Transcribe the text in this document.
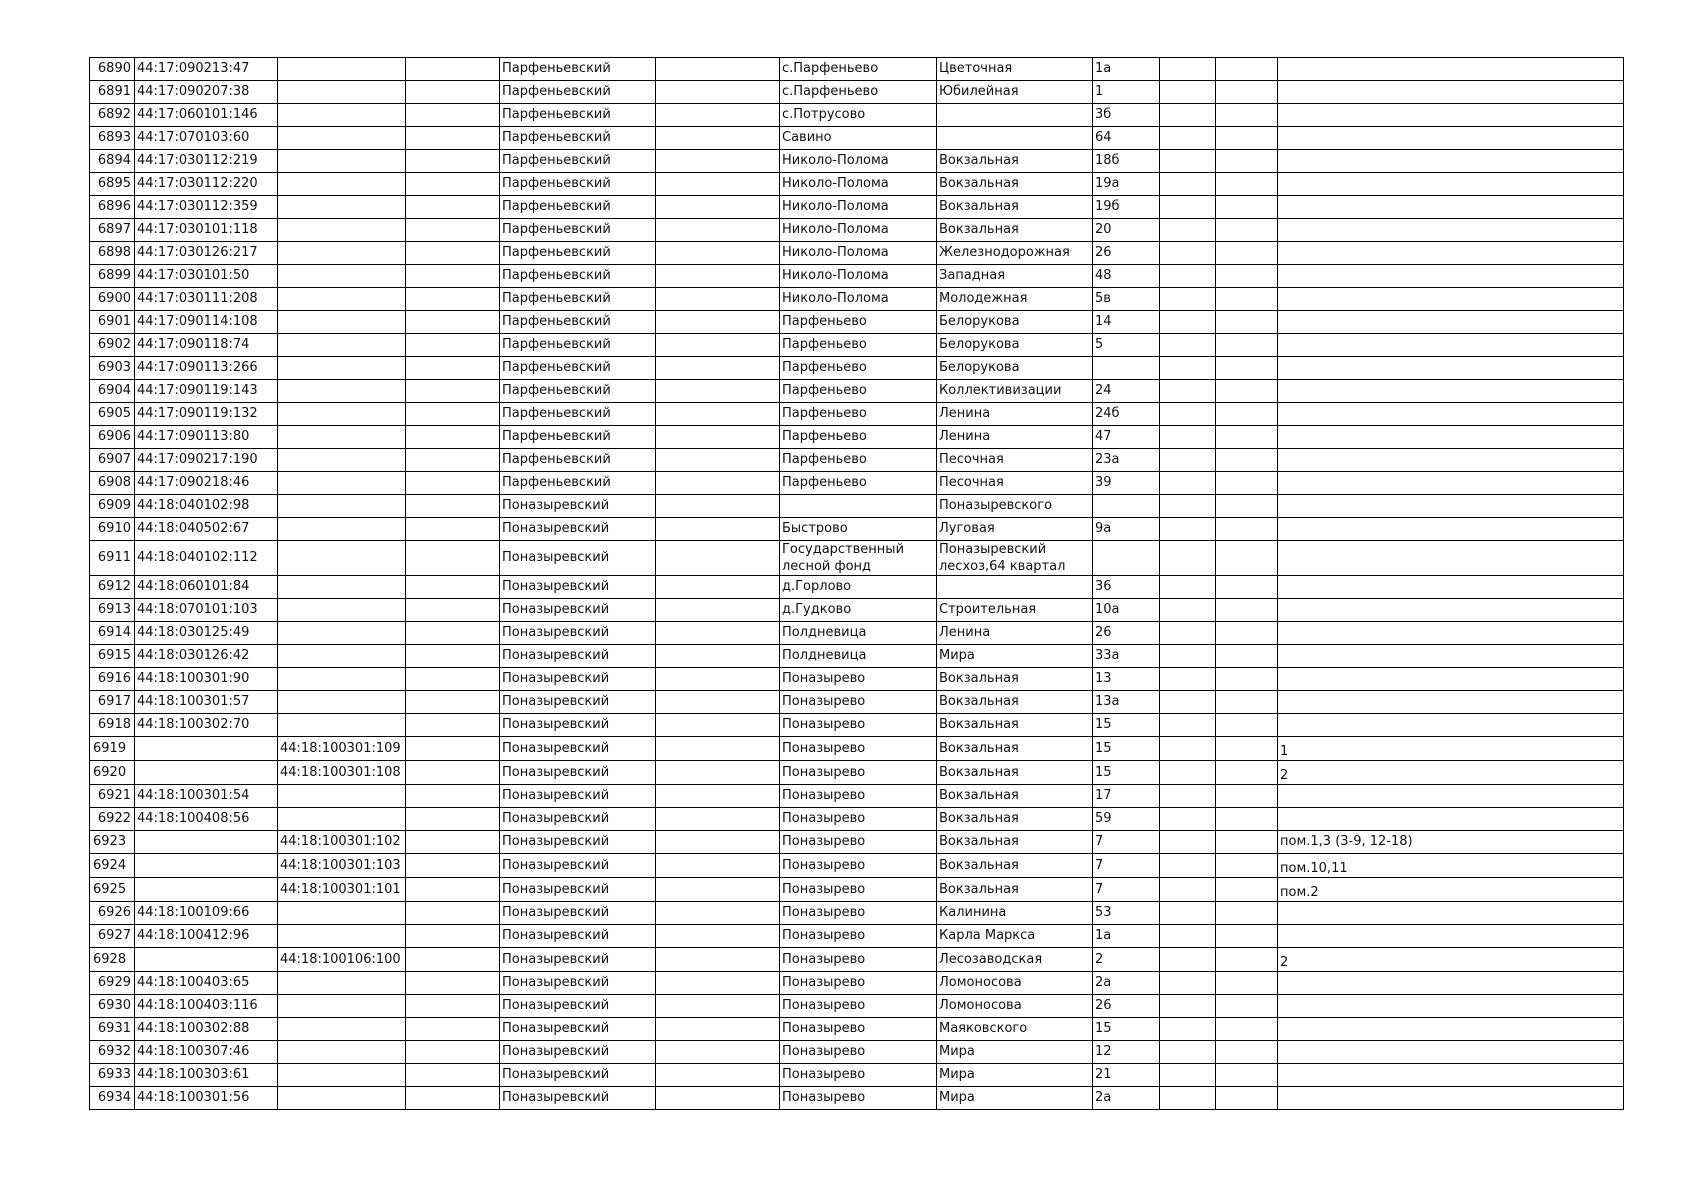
6890	44:17:090213:47			Парфеньевский		с.Парфеньево	Цветочная	1а			
6891	44:17:090207:38			Парфеньевский		с.Парфеньево	Юбилейная	1			
6892	44:17:060101:146			Парфеньевский		с.Потрусово		3б			
6893	44:17:070103:60			Парфеньевский		Савино		64			
6894	44:17:030112:219			Парфеньевский		Николо-Полома	Вокзальная	18б			
6895	44:17:030112:220			Парфеньевский		Николо-Полома	Вокзальная	19а			
6896	44:17:030112:359			Парфеньевский		Николо-Полома	Вокзальная	19б			
6897	44:17:030101:118			Парфеньевский		Николо-Полома	Вокзальная	20			
6898	44:17:030126:217			Парфеньевский		Николо-Полома	Железнодорожная	26			
6899	44:17:030101:50			Парфеньевский		Николо-Полома	Западная	48			
6900	44:17:030111:208			Парфеньевский		Николо-Полома	Молодежная	5в			
6901	44:17:090114:108			Парфеньевский		Парфеньево	Белорукова	14			
6902	44:17:090118:74			Парфеньевский		Парфеньево	Белорукова	5			
6903	44:17:090113:266			Парфеньевский		Парфеньево	Белорукова				
6904	44:17:090119:143			Парфеньевский		Парфеньево	Коллективизации	24			
6905	44:17:090119:132			Парфеньевский		Парфеньево	Ленина	24б			
6906	44:17:090113:80			Парфеньевский		Парфеньево	Ленина	47			
6907	44:17:090217:190			Парфеньевский		Парфеньево	Песочная	23а			
6908	44:17:090218:46			Парфеньевский		Парфеньево	Песочная	39			
6909	44:18:040102:98			Поназыревский			Поназыревского				
6910	44:18:040502:67			Поназыревский		Быстрово	Луговая	9а			
6911	44:18:040102:112			Поназыревский		Государственный лесной фонд	Поназыревский лесхоз,64 квартал				
6912	44:18:060101:84			Поназыревский		д.Горлово		36			
6913	44:18:070101:103			Поназыревский		д.Гудково	Строительная	10а			
6914	44:18:030125:49			Поназыревский		Полдневица	Ленина	26			
6915	44:18:030126:42			Поназыревский		Полдневица	Мира	33а			
6916	44:18:100301:90			Поназыревский		Поназырево	Вокзальная	13			
6917	44:18:100301:57			Поназыревский		Поназырево	Вокзальная	13а			
6918	44:18:100302:70			Поназыревский		Поназырево	Вокзальная	15			
6919		44:18:100301:109		Поназыревский		Поназырево	Вокзальная	15			1
6920		44:18:100301:108		Поназыревский		Поназырево	Вокзальная	15			2
6921	44:18:100301:54			Поназыревский		Поназырево	Вокзальная	17			
6922	44:18:100408:56			Поназыревский		Поназырево	Вокзальная	59			
6923		44:18:100301:102		Поназыревский		Поназырево	Вокзальная	7			пом.1,3 (3-9, 12-18)
6924		44:18:100301:103		Поназыревский		Поназырево	Вокзальная	7			пом.10,11
6925		44:18:100301:101		Поназыревский		Поназырево	Вокзальная	7			пом.2
6926	44:18:100109:66			Поназыревский		Поназырево	Калинина	53			
6927	44:18:100412:96			Поназыревский		Поназырево	Карла Маркса	1а			
6928		44:18:100106:100		Поназыревский		Поназырево	Лесозаводская	2			2
6929	44:18:100403:65			Поназыревский		Поназырево	Ломоносова	2а			
6930	44:18:100403:116			Поназыревский		Поназырево	Ломоносова	26			
6931	44:18:100302:88			Поназыревский		Поназырево	Маяковского	15			
6932	44:18:100307:46			Поназыревский		Поназырево	Мира	12			
6933	44:18:100303:61			Поназыревский		Поназырево	Мира	21			
6934	44:18:100301:56			Поназыревский		Поназырево	Мира	2а			
